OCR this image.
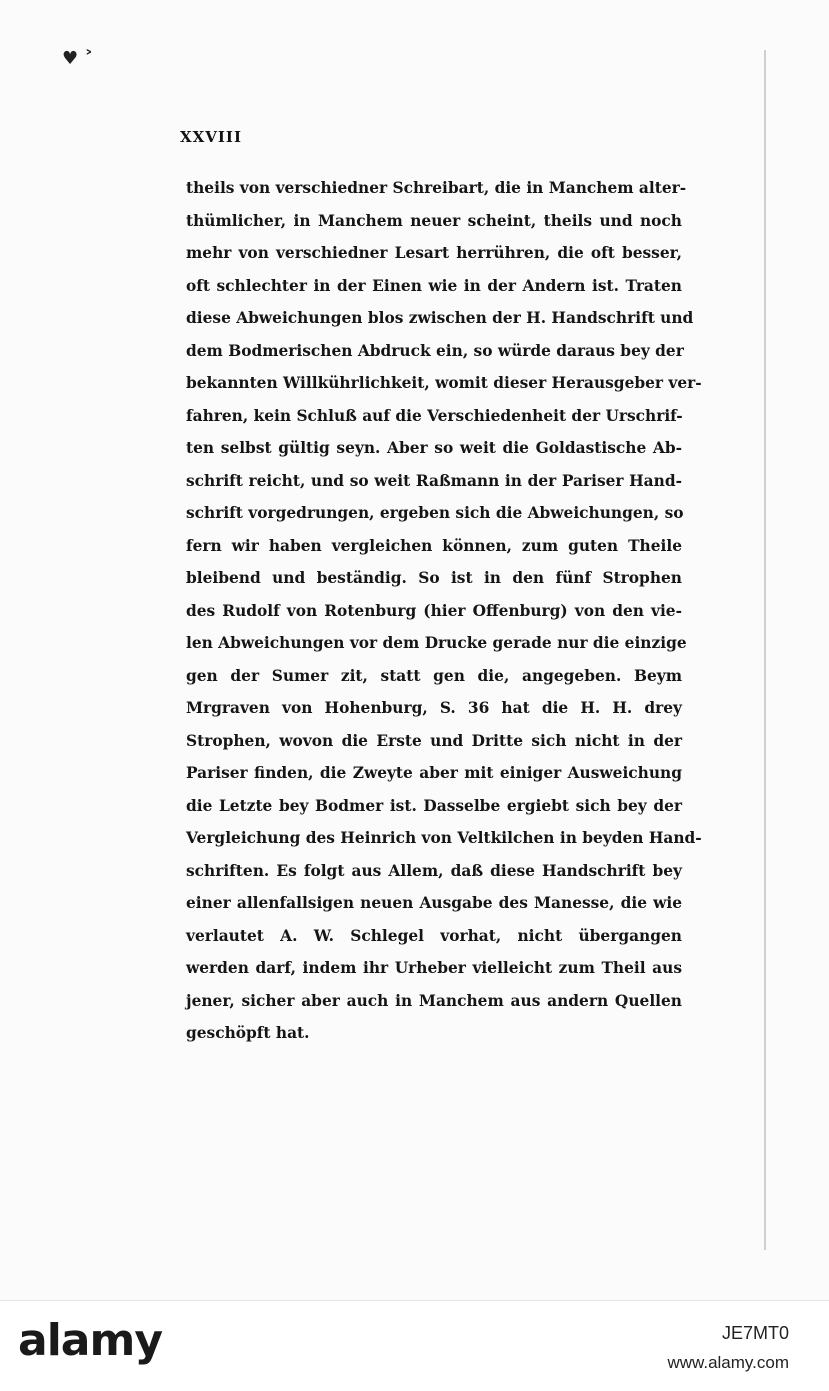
♥ ˃
XXVIII
theils von verschiedner Schreibart, die in Manchem alter-
thümlicher, in Manchem neuer scheint, theils und noch
mehr von verschiedner Lesart herrühren, die oft besser,
oft schlechter in der Einen wie in der Andern ist. Traten
diese Abweichungen blos zwischen der H. Handschrift und
dem Bodmerischen Abdruck ein, so würde daraus bey der
bekannten Willkührlichkeit, womit dieser Herausgeber ver-
fahren, kein Schluß auf die Verschiedenheit der Urschrif-
ten selbst gültig seyn. Aber so weit die Goldastische Ab-
schrift reicht, und so weit Raßmann in der Pariser Hand-
schrift vorgedrungen, ergeben sich die Abweichungen, so
fern wir haben vergleichen können, zum guten Theile
bleibend und beständig. So ist in den fünf Strophen
des Rudolf von Rotenburg (hier Offenburg) von den vie-
len Abweichungen vor dem Drucke gerade nur die einzige
gen der Sumer zit, statt gen die, angegeben. Beym
Mrgraven von Hohenburg, S. 36 hat die H. H. drey
Strophen, wovon die Erste und Dritte sich nicht in der
Pariser finden, die Zweyte aber mit einiger Ausweichung
die Letzte bey Bodmer ist. Dasselbe ergiebt sich bey der
Vergleichung des Heinrich von Veltkilchen in beyden Hand-
schriften. Es folgt aus Allem, daß diese Handschrift bey
einer allenfallsigen neuen Ausgabe des Manesse, die wie
verlautet A. W. Schlegel vorhat, nicht übergangen
werden darf, indem ihr Urheber vielleicht zum Theil aus
jener, sicher aber auch in Manchem aus andern Quellen
geschöpft hat.
alamy	JE7MT0
www.alamy.com
